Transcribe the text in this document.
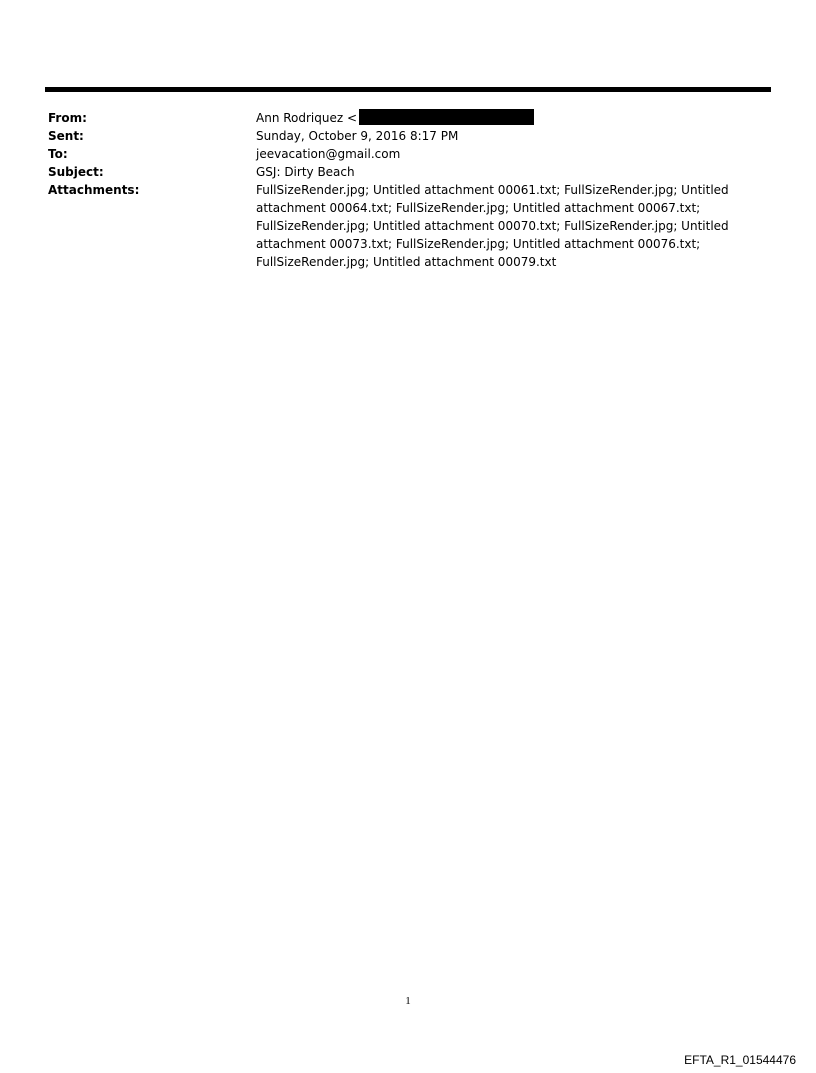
From:	Ann Rodriquez <
Sent:	Sunday, October 9, 2016 8:17 PM
To:	jeevacation@gmail.com
Subject:	GSJ: Dirty Beach
Attachments:	FullSizeRender.jpg; Untitled attachment 00061.txt; FullSizeRender.jpg; Untitled attachment 00064.txt; FullSizeRender.jpg; Untitled attachment 00067.txt; FullSizeRender.jpg; Untitled attachment 00070.txt; FullSizeRender.jpg; Untitled attachment 00073.txt; FullSizeRender.jpg; Untitled attachment 00076.txt; FullSizeRender.jpg; Untitled attachment 00079.txt
1
EFTA_R1_01544476
